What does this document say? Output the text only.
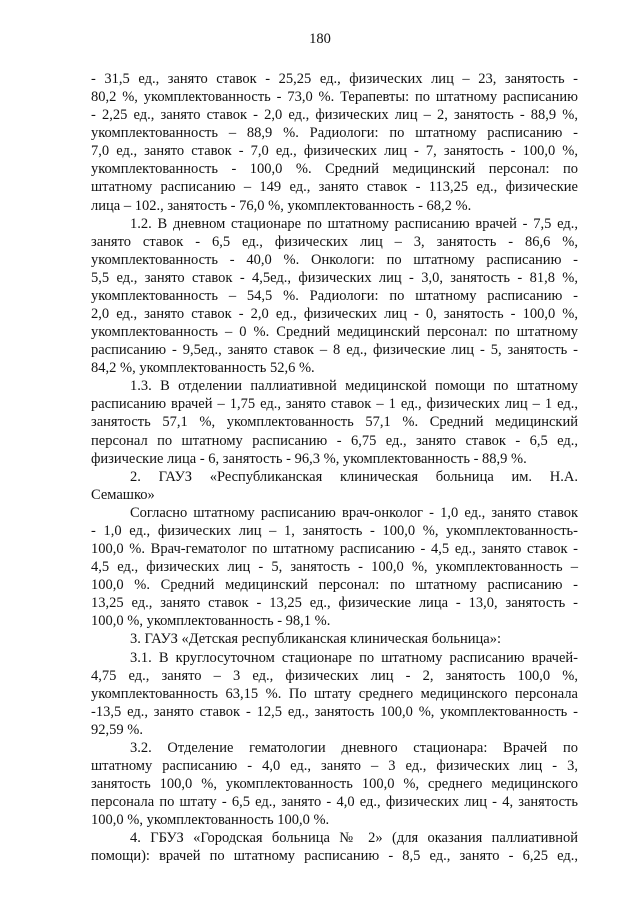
180
- 31,5 ед., занято ставок - 25,25 ед., физических лиц – 23, занятость -
80,2 %, укомплектованность - 73,0 %. Терапевты: по штатному расписанию
- 2,25 ед., занято ставок - 2,0 ед., физических лиц – 2, занятость - 88,9 %,
укомплектованность – 88,9 %. Радиологи: по штатному расписанию -
7,0 ед., занято ставок - 7,0 ед., физических лиц - 7, занятость - 100,0 %,
укомплектованность - 100,0 %. Средний медицинский персонал: по
штатному расписанию – 149 ед., занято ставок - 113,25 ед., физические
лица – 102., занятость - 76,0 %, укомплектованность - 68,2 %.
1.2. В дневном стационаре по штатному расписанию врачей - 7,5 ед.,
занято ставок - 6,5 ед., физических лиц – 3, занятость - 86,6 %,
укомплектованность - 40,0 %. Онкологи: по штатному расписанию -
5,5 ед., занято ставок - 4,5ед., физических лиц - 3,0, занятость - 81,8 %,
укомплектованность – 54,5 %. Радиологи: по штатному расписанию -
2,0 ед., занято ставок - 2,0 ед., физических лиц - 0, занятость - 100,0 %,
укомплектованность – 0 %. Средний медицинский персонал: по штатному
расписанию - 9,5ед., занято ставок – 8 ед., физические лиц - 5, занятость -
84,2 %, укомплектованность 52,6 %.
1.3. В отделении паллиативной медицинской помощи по штатному
расписанию врачей – 1,75 ед., занято ставок – 1 ед., физических лиц – 1 ед.,
занятость 57,1 %, укомплектованность 57,1 %. Средний медицинский
персонал по штатному расписанию - 6,75 ед., занято ставок - 6,5 ед.,
физические лица - 6, занятость - 96,3 %, укомплектованность - 88,9 %.
2. ГАУЗ «Республиканская клиническая больница им. Н.А.
Семашко»
Согласно штатному расписанию врач-онколог - 1,0 ед., занято ставок
- 1,0 ед., физических лиц – 1, занятость - 100,0 %, укомплектованность-
100,0 %. Врач-гематолог по штатному расписанию - 4,5 ед., занято ставок -
4,5 ед., физических лиц - 5, занятость - 100,0 %, укомплектованность –
100,0 %. Средний медицинский персонал: по штатному расписанию -
13,25 ед., занято ставок - 13,25 ед., физические лица - 13,0, занятость -
100,0 %, укомплектованность - 98,1 %.
3. ГАУЗ «Детская республиканская клиническая больница»:
3.1. В круглосуточном стационаре по штатному расписанию врачей-
4,75 ед., занято – 3 ед., физических лиц - 2, занятость 100,0 %,
укомплектованность 63,15 %. По штату среднего медицинского персонала
-13,5 ед., занято ставок - 12,5 ед., занятость 100,0 %, укомплектованность -
92,59 %.
3.2. Отделение гематологии дневного стационара: Врачей по
штатному расписанию - 4,0 ед., занято – 3 ед., физических лиц - 3,
занятость 100,0 %, укомплектованность 100,0 %, среднего медицинского
персонала по штату - 6,5 ед., занято - 4,0 ед., физических лиц - 4, занятость
100,0 %, укомплектованность 100,0 %.
4. ГБУЗ «Городская больница № 2» (для оказания паллиативной
помощи): врачей по штатному расписанию - 8,5 ед., занято - 6,25 ед.,
